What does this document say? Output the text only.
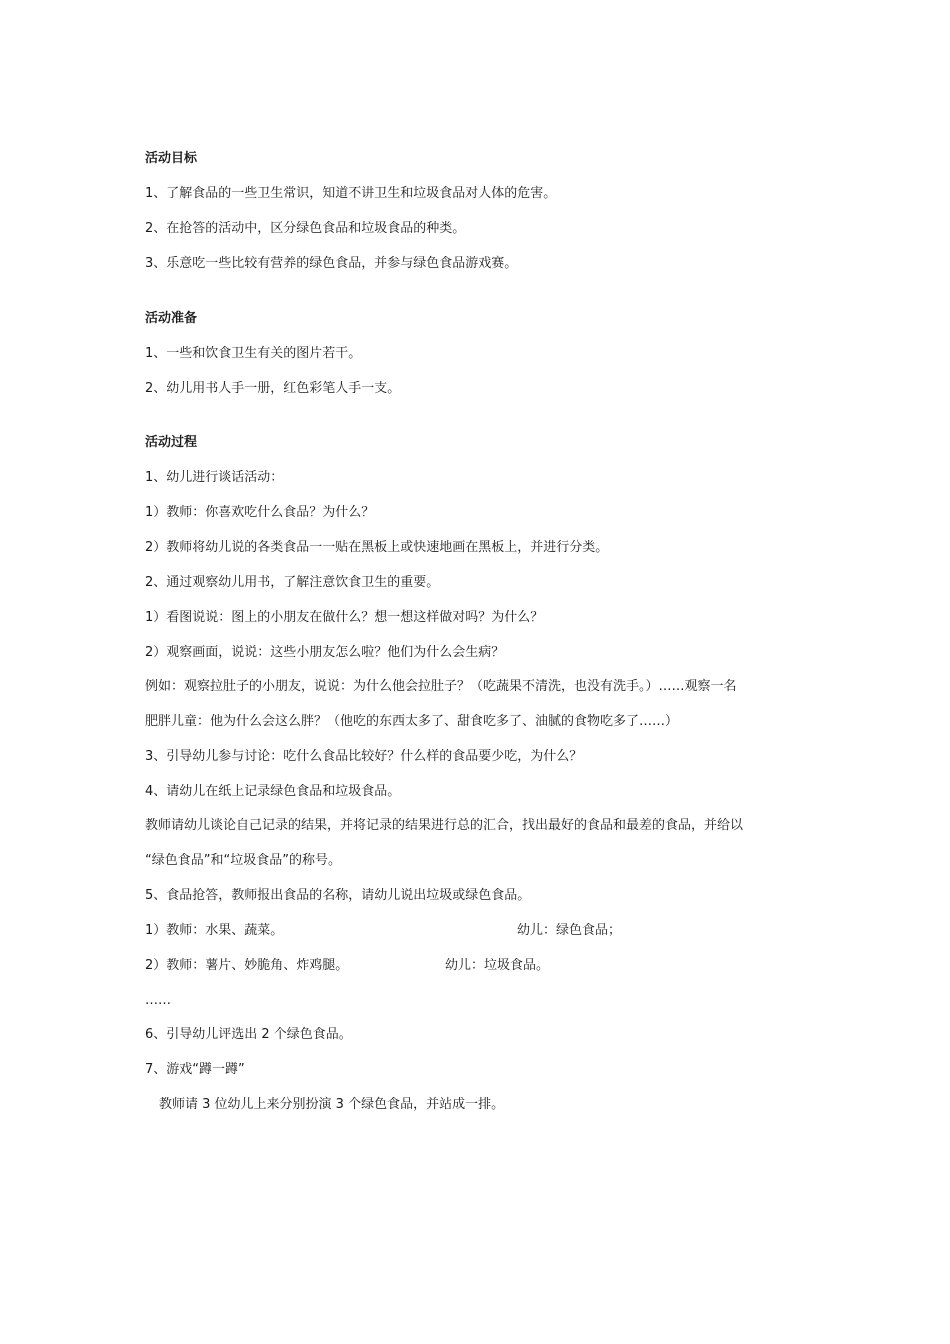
活动目标
1、了解食品的一些卫生常识，知道不讲卫生和垃圾食品对人体的危害。
2、在抢答的活动中，区分绿色食品和垃圾食品的种类。
3、乐意吃一些比较有营养的绿色食品，并参与绿色食品游戏赛。
活动准备
1、一些和饮食卫生有关的图片若干。
2、幼儿用书人手一册，红色彩笔人手一支。
活动过程
1、幼儿进行谈话活动：
1）教师：你喜欢吃什么食品？为什么？
2）教师将幼儿说的各类食品一一贴在黑板上或快速地画在黑板上，并进行分类。
2、通过观察幼儿用书，了解注意饮食卫生的重要。
1）看图说说：图上的小朋友在做什么？想一想这样做对吗？为什么？
2）观察画面，说说：这些小朋友怎么啦？他们为什么会生病？
例如：观察拉肚子的小朋友，说说：为什么他会拉肚子？（吃蔬果不清洗，也没有洗手。）……观察一名
肥胖儿童：他为什么会这么胖？（他吃的东西太多了、甜食吃多了、油腻的食物吃多了……）
3、引导幼儿参与讨论：吃什么食品比较好？什么样的食品要少吃，为什么？
4、请幼儿在纸上记录绿色食品和垃圾食品。
教师请幼儿谈论自己记录的结果，并将记录的结果进行总的汇合，找出最好的食品和最差的食品，并给以
“绿色食品”和“垃圾食品”的称号。
5、食品抢答，教师报出食品的名称，请幼儿说出垃圾或绿色食品。
1）教师：水果、蔬菜。	幼儿：绿色食品；
2）教师：薯片、妙脆角、炸鸡腿。	幼儿：垃圾食品。
……
6、引导幼儿评选出 2 个绿色食品。
7、游戏“蹲一蹲”
教师请 3 位幼儿上来分别扮演 3 个绿色食品，并站成一排。
